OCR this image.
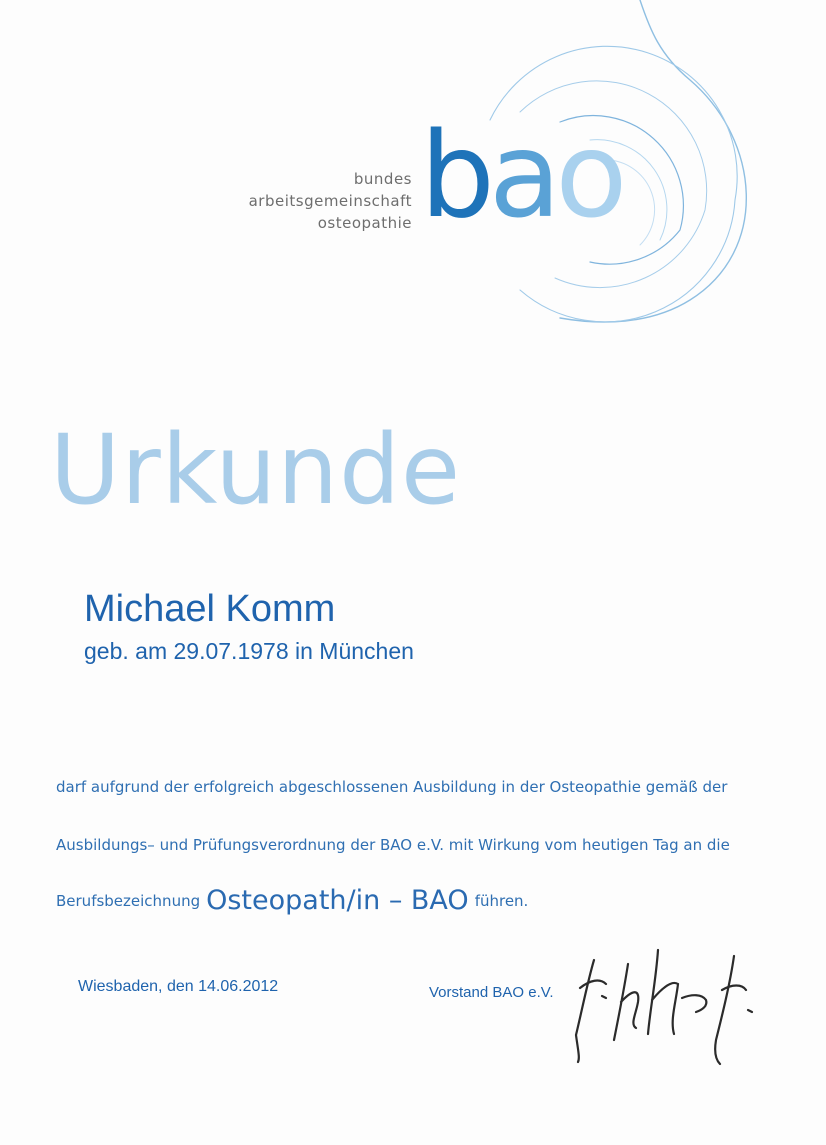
bundes
arbeitsgemeinschaft
osteopathie bao
Urkunde
Michael Komm
geb. am 29.07.1978 in München
darf aufgrund der erfolgreich abgeschlossenen Ausbildung in der Osteopathie gemäß der
Ausbildungs– und Prüfungsverordnung der BAO e.V. mit Wirkung vom heutigen Tag an die
Berufsbezeichnung Osteopath/in – BAO führen.
Wiesbaden, den 14.06.2012	Vorstand BAO e.V.
